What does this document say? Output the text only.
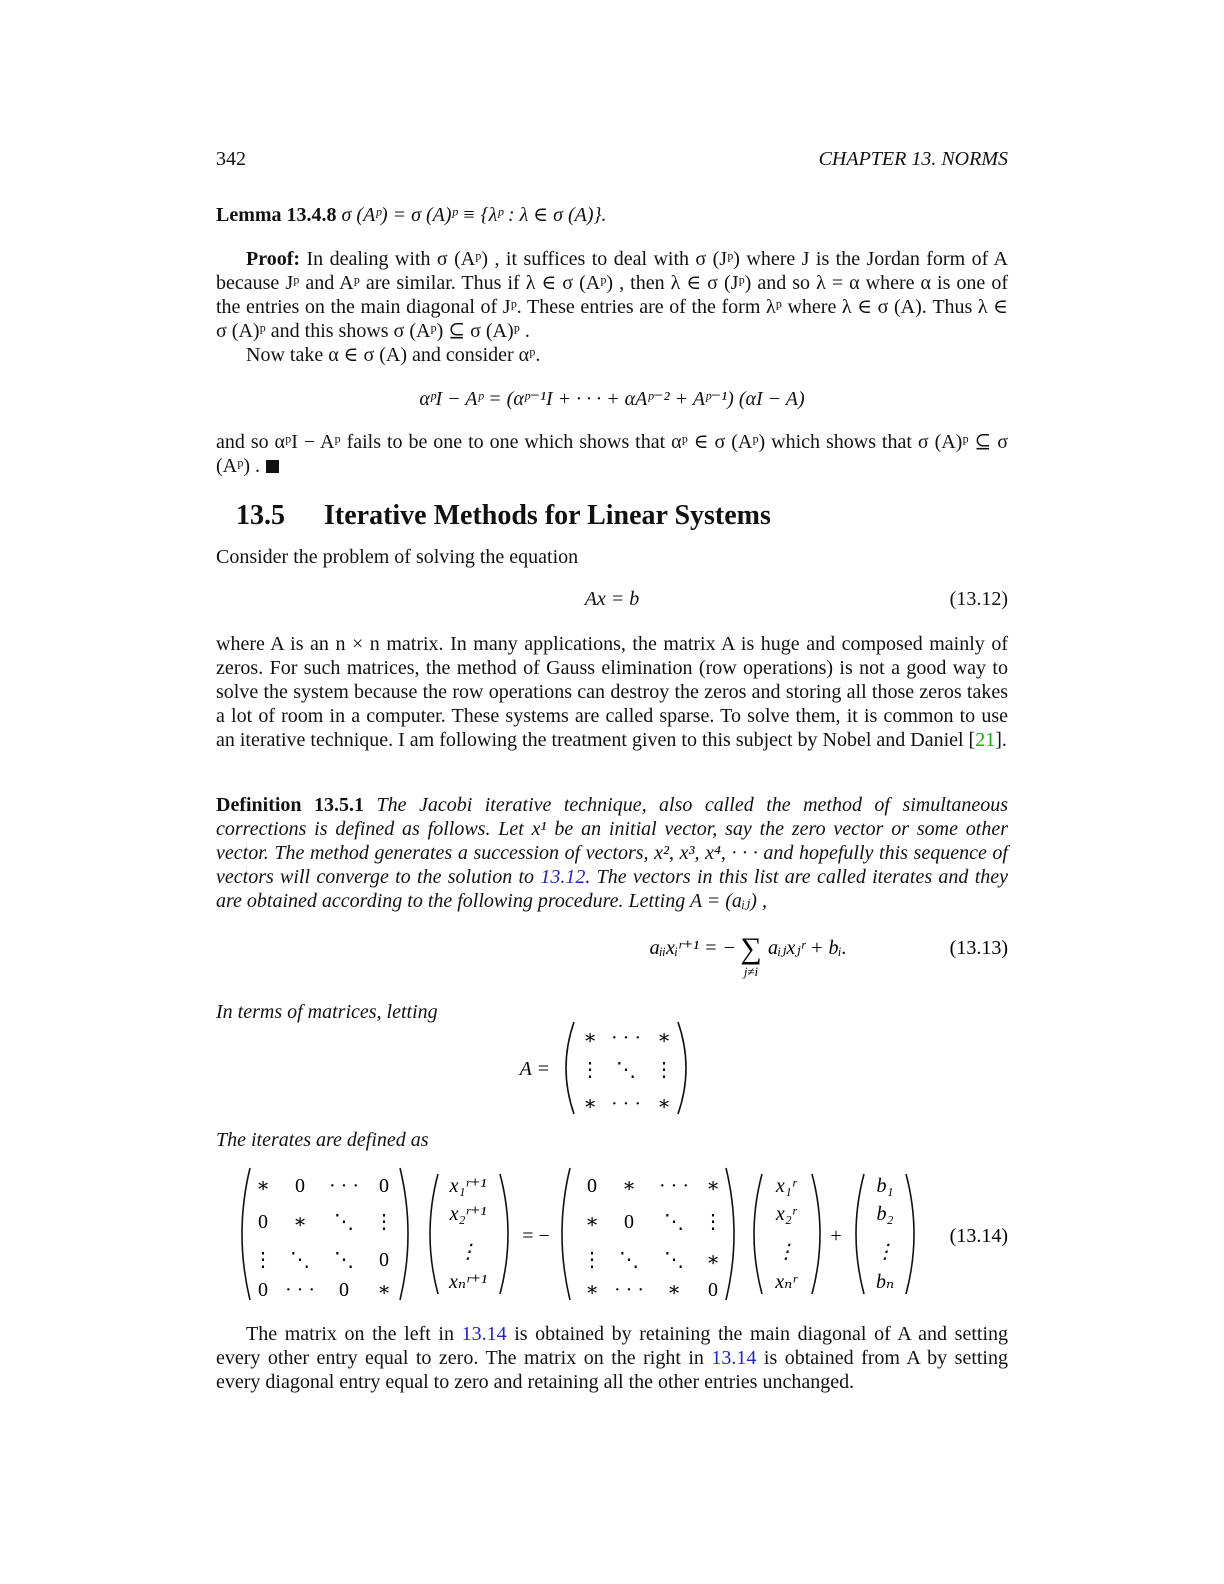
342	CHAPTER 13. NORMS
Lemma 13.4.8 σ (Aᵖ) = σ (A)ᵖ ≡ {λᵖ : λ ∈ σ (A)}.
Proof: In dealing with σ (Aᵖ) , it suffices to deal with σ (Jᵖ) where J is the Jordan form of A because Jᵖ and Aᵖ are similar. Thus if λ ∈ σ (Aᵖ) , then λ ∈ σ (Jᵖ) and so λ = α where α is one of the entries on the main diagonal of Jᵖ. These entries are of the form λᵖ where λ ∈ σ (A). Thus λ ∈ σ (A)ᵖ and this shows σ (Aᵖ) ⊆ σ (A)ᵖ .
Now take α ∈ σ (A) and consider αᵖ.
αᵖI − Aᵖ = (αᵖ⁻¹I + · · · + αAᵖ⁻² + Aᵖ⁻¹) (αI − A)
and so αᵖI − Aᵖ fails to be one to one which shows that αᵖ ∈ σ (Aᵖ) which shows that σ (A)ᵖ ⊆ σ (Aᵖ) .
13.5 Iterative Methods for Linear Systems
Consider the problem of solving the equation
Ax = b	(13.12)
where A is an n × n matrix. In many applications, the matrix A is huge and composed mainly of zeros. For such matrices, the method of Gauss elimination (row operations) is not a good way to solve the system because the row operations can destroy the zeros and storing all those zeros takes a lot of room in a computer. These systems are called sparse. To solve them, it is common to use an iterative technique. I am following the treatment given to this subject by Nobel and Daniel [21].
Definition 13.5.1 The Jacobi iterative technique, also called the method of simultaneous corrections is defined as follows. Let x¹ be an initial vector, say the zero vector or some other vector. The method generates a succession of vectors, x², x³, x⁴, · · · and hopefully this sequence of vectors will converge to the solution to 13.12. The vectors in this list are called iterates and they are obtained according to the following procedure. Letting A = (aᵢⱼ) ,
aᵢᵢxᵢʳ⁺¹ = − ∑
j≠i
aᵢⱼxⱼʳ + bᵢ.	(13.13)
In terms of matrices, letting
A =
∗ · · · ∗
⋮ ⋱ ⋮
∗ · · · ∗
The iterates are defined as
∗ 0 · · · 0
0 ∗ ⋱ ⋮
⋮ ⋱ ⋱ 0
0 · · · 0 ∗
x₁ʳ⁺¹
x₂ʳ⁺¹
⋮
xₙʳ⁺¹
= −
0 ∗ · · · ∗
∗ 0 ⋱ ⋮
⋮ ⋱ ⋱ ∗
∗ · · · ∗ 0
x₁ʳ
x₂ʳ
⋮
xₙʳ
+
b₁
b₂
⋮
bₙ
(13.14)
The matrix on the left in 13.14 is obtained by retaining the main diagonal of A and setting every other entry equal to zero. The matrix on the right in 13.14 is obtained from A by setting every diagonal entry equal to zero and retaining all the other entries unchanged.
